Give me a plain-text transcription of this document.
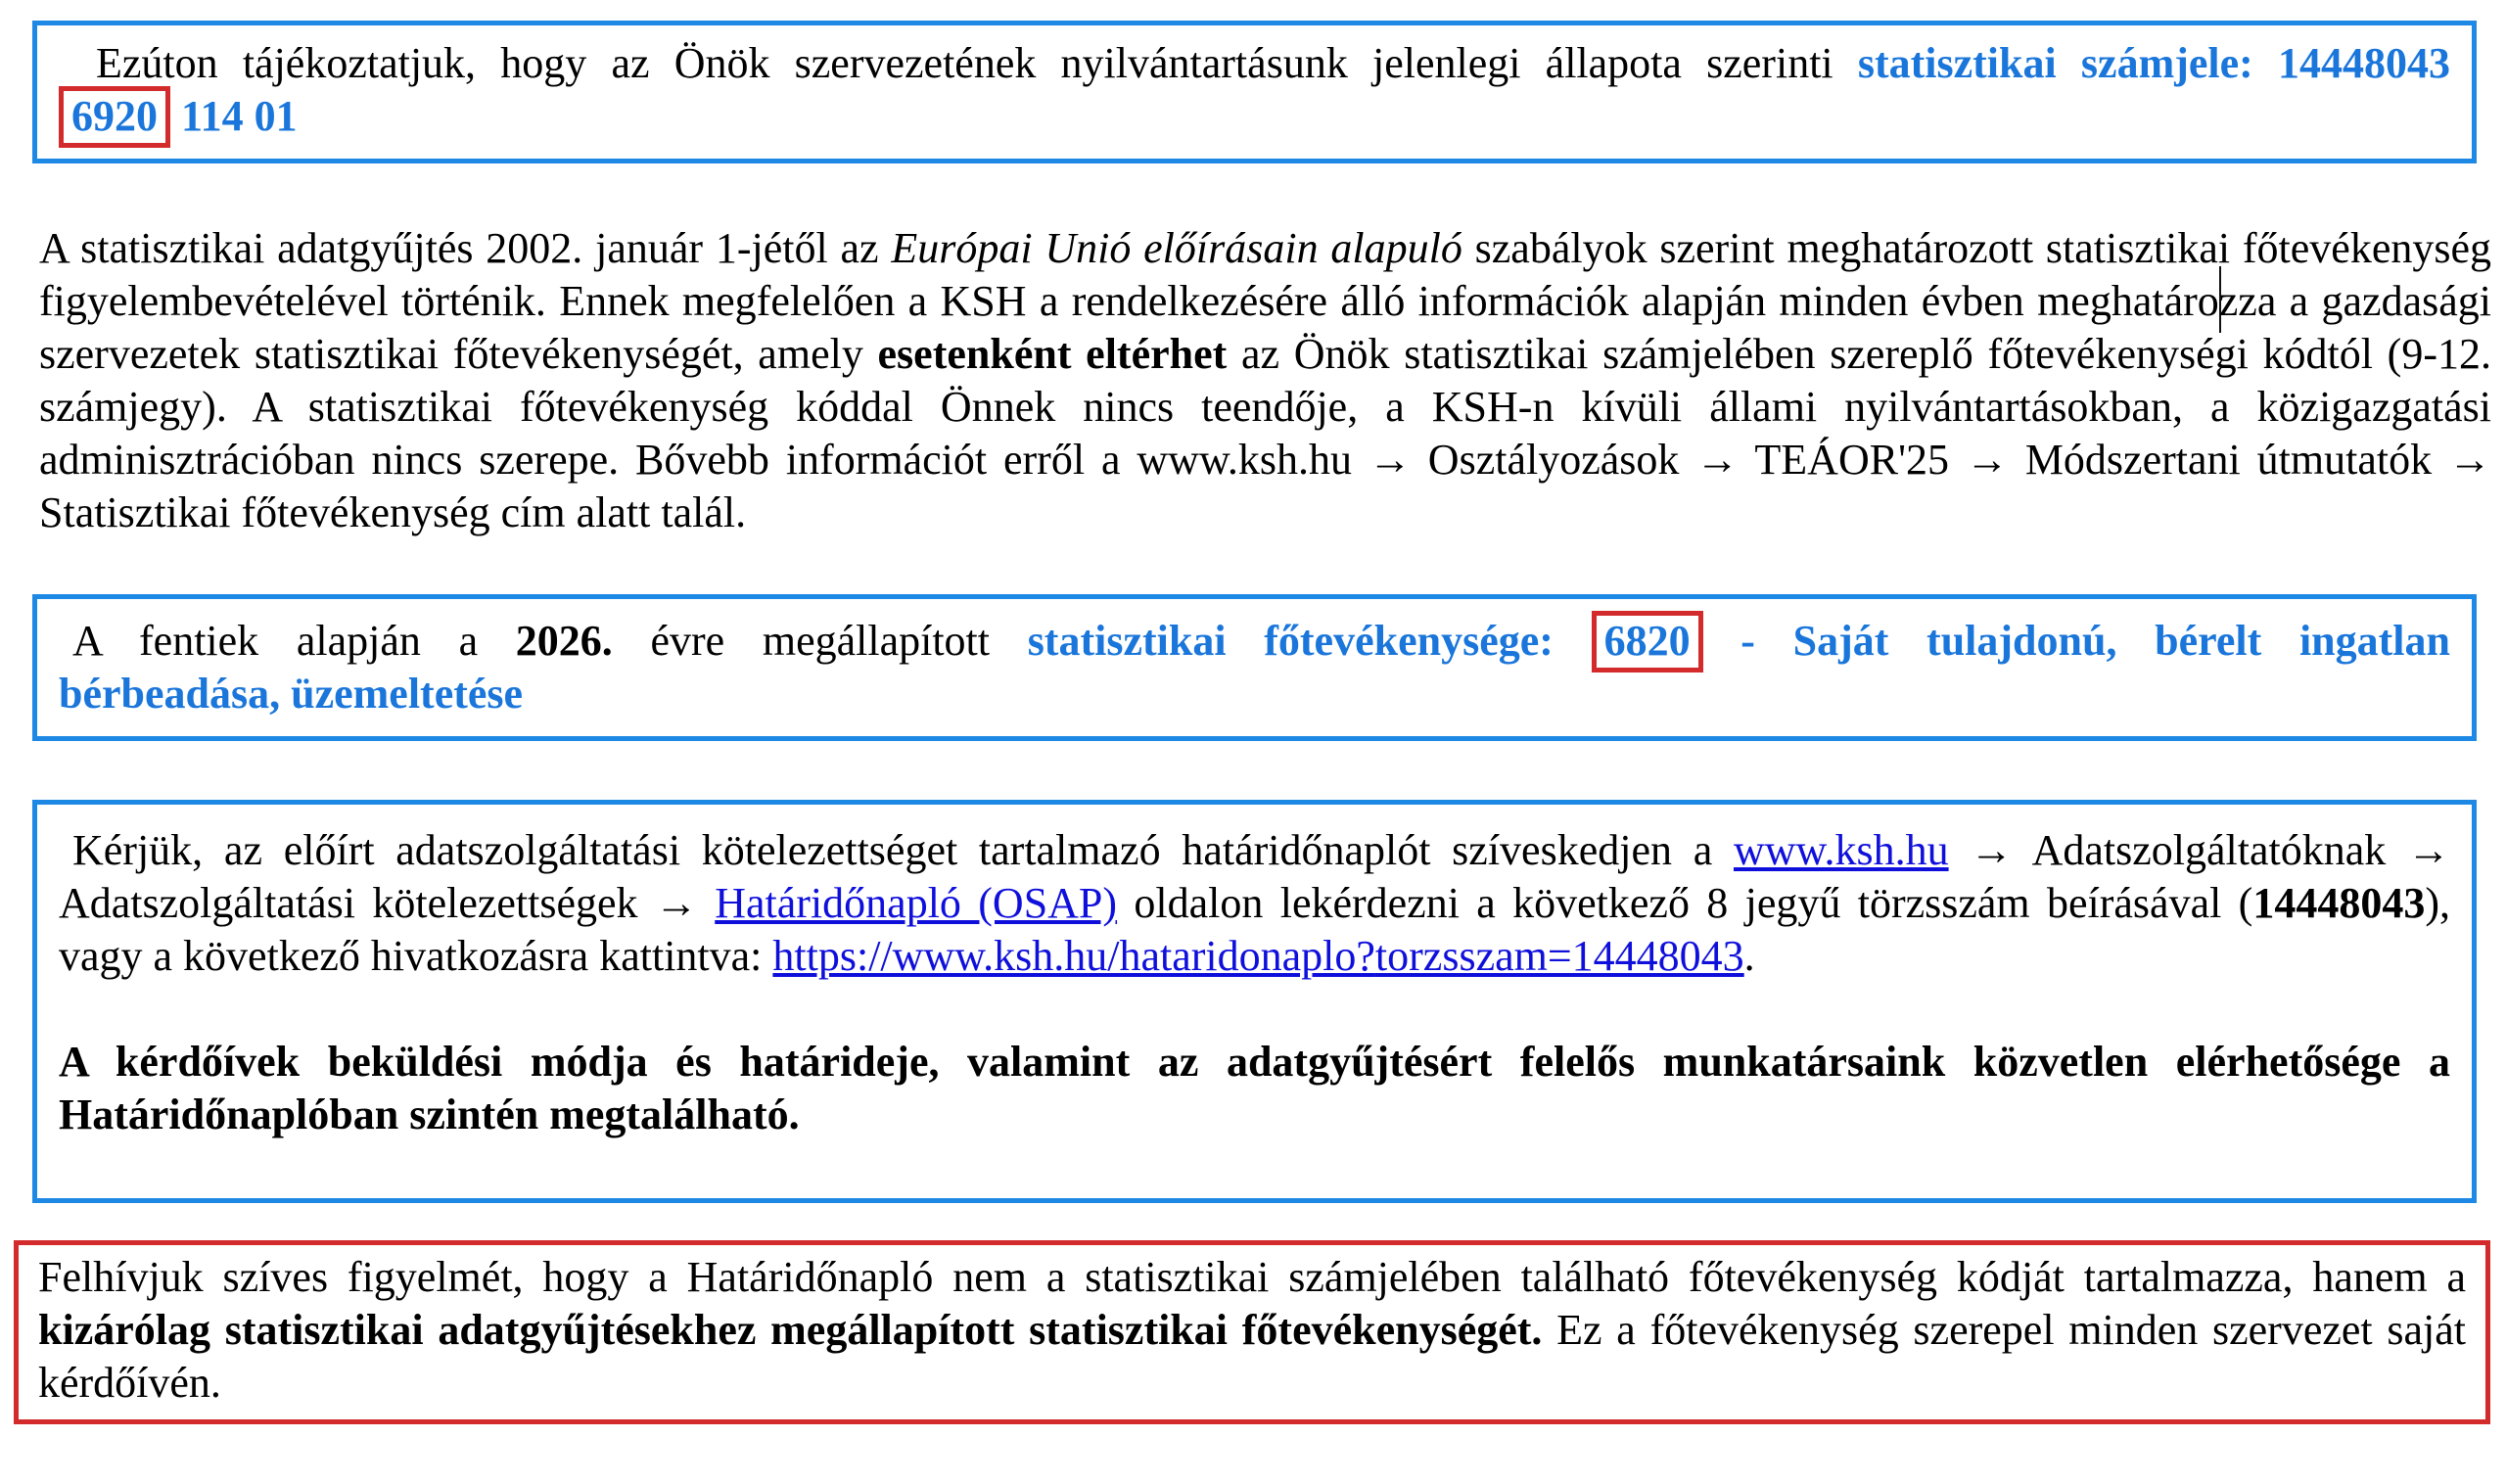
Ezúton tájékoztatjuk, hogy az Önök szervezetének nyilvántartásunk jelenlegi állapota szerinti statisztikai számjele: 14448043
6920 114 01

A statisztikai adatgyűjtés 2002. január 1-jétől az Európai Unió előírásain alapuló szabályok szerint meghatározott statisztikai főtevékenység figyelembevételével történik. Ennek megfelelően a KSH a rendelkezésére álló információk alapján minden évben meghatározza a gazdasági szervezetek statisztikai főtevékenységét, amely esetenként eltérhet az Önök statisztikai számjelében szereplő főtevékenységi kódtól (9-12. számjegy). A statisztikai főtevékenység kóddal Önnek nincs teendője, a KSH-n kívüli állami nyilvántartásokban, a közigazgatási adminisztrációban nincs szerepe. Bővebb információt erről a www.ksh.hu → Osztályozások → TEÁOR'25 → Módszertani útmutatók → Statisztikai főtevékenység cím alatt talál.

A fentiek alapján a 2026. évre megállapított statisztikai főtevékenysége: 6820 - Saját tulajdonú, bérelt ingatlan
bérbeadása, üzemeltetése

Kérjük, az előírt adatszolgáltatási kötelezettséget tartalmazó határidőnaplót szíveskedjen a www.ksh.hu → Adatszolgáltatóknak → Adatszolgáltatási kötelezettségek → Határidőnapló (OSAP) oldalon lekérdezni a következő 8 jegyű törzsszám beírásával (14448043), vagy a következő hivatkozásra kattintva: https://www.ksh.hu/hataridonaplo?torzsszam=14448043.

A kérdőívek beküldési módja és határideje, valamint az adatgyűjtésért felelős munkatársaink közvetlen elérhetősége a Határidőnaplóban szintén megtalálható.

Felhívjuk szíves figyelmét, hogy a Határidőnapló nem a statisztikai számjelében található főtevékenység kódját tartalmazza, hanem a kizárólag statisztikai adatgyűjtésekhez megállapított statisztikai főtevékenységét. Ez a főtevékenység szerepel minden szervezet saját kérdőívén.
